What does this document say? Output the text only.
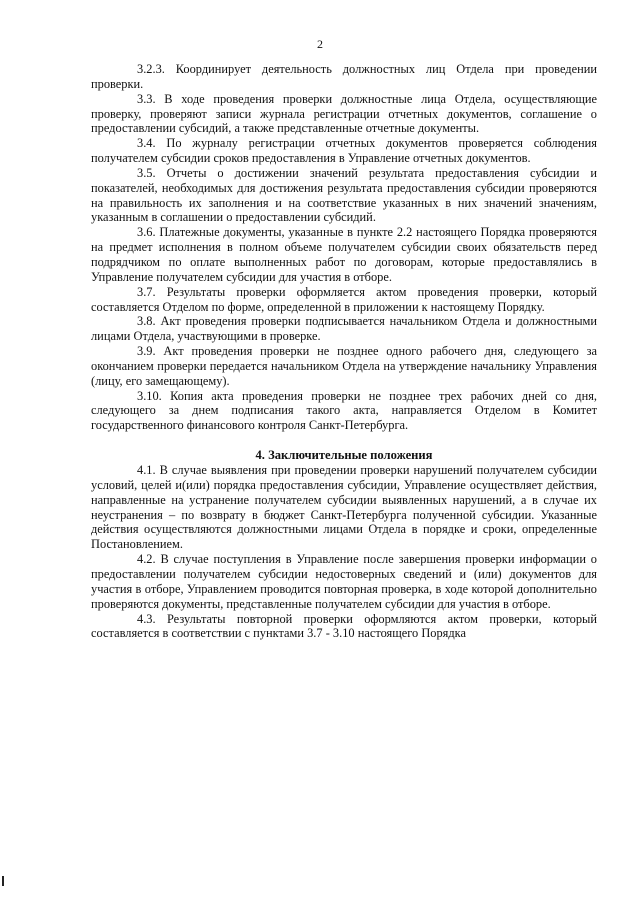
2

3.2.3. Координирует деятельность должностных лиц Отдела при проведении проверки.

3.3. В ходе проведения проверки должностные лица Отдела, осуществляющие проверку, проверяют записи журнала регистрации отчетных документов, соглашение о предоставлении субсидий, а также представленные отчетные документы.

3.4. По журналу регистрации отчетных документов проверяется соблюдения получателем субсидии сроков предоставления в Управление отчетных документов.

3.5. Отчеты о достижении значений результата предоставления субсидии и показателей, необходимых для достижения результата предоставления субсидии проверяются на правильность их заполнения и на соответствие указанных в них значений значениям, указанным в соглашении о предоставлении субсидий.

3.6. Платежные документы, указанные в пункте 2.2 настоящего Порядка проверяются на предмет исполнения в полном объеме получателем субсидии своих обязательств перед подрядчиком по оплате выполненных работ по договорам, которые предоставлялись в Управление получателем субсидии для участия в отборе.

3.7. Результаты проверки оформляется актом проведения проверки, который составляется Отделом по форме, определенной в приложении к настоящему Порядку.

3.8. Акт проведения проверки подписывается начальником Отдела и должностными лицами Отдела, участвующими в проверке.

3.9. Акт проведения проверки не позднее одного рабочего дня, следующего за окончанием проверки передается начальником Отдела на утверждение начальнику Управления (лицу, его замещающему).

3.10. Копия акта проведения проверки не позднее трех рабочих дней со дня, следующего за днем подписания такого акта, направляется Отделом в Комитет государственного финансового контроля Санкт-Петербурга.

4. Заключительные положения

4.1. В случае выявления при проведении проверки нарушений получателем субсидии условий, целей и(или) порядка предоставления субсидии, Управление осуществляет действия, направленные на устранение получателем субсидии выявленных нарушений, а в случае их неустранения – по возврату в бюджет Санкт-Петербурга полученной субсидии. Указанные действия осуществляются должностными лицами Отдела в порядке и сроки, определенные Постановлением.

4.2. В случае поступления в Управление после завершения проверки информации о предоставлении получателем субсидии недостоверных сведений и (или) документов для участия в отборе, Управлением проводится повторная проверка, в ходе которой дополнительно проверяются документы, представленные получателем субсидии для участия в отборе.

4.3. Результаты повторной проверки оформляются актом проверки, который составляется в соответствии с пунктами 3.7 - 3.10 настоящего Порядка
